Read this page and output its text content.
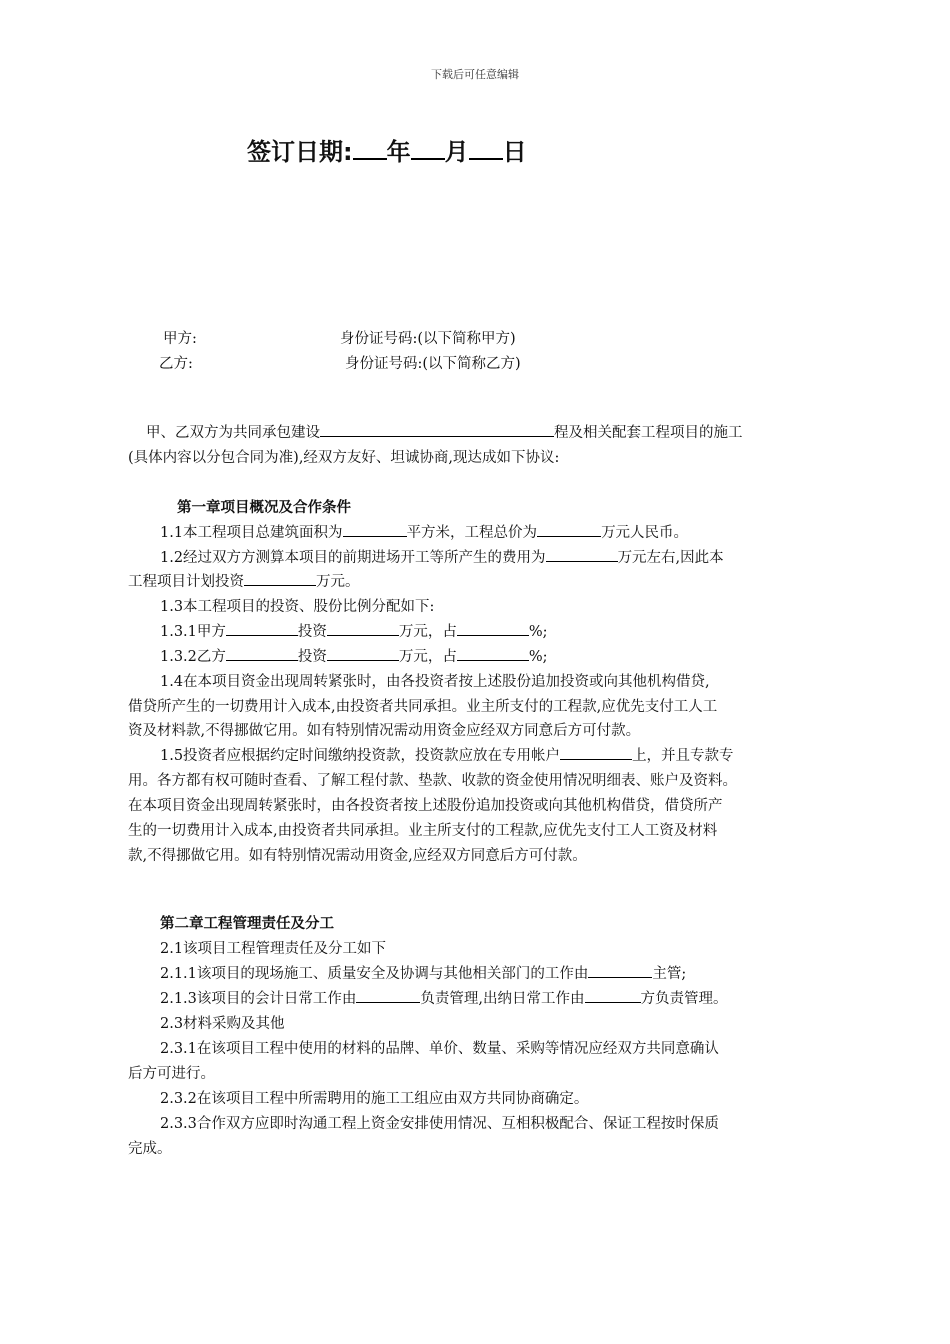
下载后可任意编辑
签订日期: 年 月 日
甲方:	身份证号码:(以下简称甲方)
乙方:	身份证号码:(以下简称乙方)
甲、乙双方为共同承包建设	程及相关配套工程项目的施工
(具体内容以分包合同为准),经双方友好、坦诚协商,现达成如下协议:
第一章项目概况及合作条件
1.1本工程项目总建筑面积为	平方米，工程总价为	万元人民币。
1.2经过双方方测算本项目的前期进场开工等所产生的费用为	万元左右,因此本
工程项目计划投资	万元。
1.3本工程项目的投资、股份比例分配如下:
1.3.1甲方	投资	万元，占	%;
1.3.2乙方	投资	万元，占	%;
1.4在本项目资金出现周转紧张时，由各投资者按上述股份追加投资或向其他机构借贷,
借贷所产生的一切费用计入成本,由投资者共同承担。业主所支付的工程款,应优先支付工人工
资及材料款,不得挪做它用。如有特别情况需动用资金应经双方同意后方可付款。
1.5投资者应根据约定时间缴纳投资款，投资款应放在专用帐户	上，并且专款专
用。各方都有权可随时查看、了解工程付款、垫款、收款的资金使用情况明细表、账户及资料。
在本项目资金出现周转紧张时，由各投资者按上述股份追加投资或向其他机构借贷，借贷所产
生的一切费用计入成本,由投资者共同承担。业主所支付的工程款,应优先支付工人工资及材料
款,不得挪做它用。如有特别情况需动用资金,应经双方同意后方可付款。
第二章工程管理责任及分工
2.1该项目工程管理责任及分工如下
2.1.1该项目的现场施工、质量安全及协调与其他相关部门的工作由	主管;
2.1.3该项目的会计日常工作由	负责管理,出纳日常工作由	方负责管理。
2.3材料采购及其他
2.3.1在该项目工程中使用的材料的品牌、单价、数量、采购等情况应经双方共同意确认
后方可进行。
2.3.2在该项目工程中所需聘用的施工工组应由双方共同协商确定。
2.3.3合作双方应即时沟通工程上资金安排使用情况、互相积极配合、保证工程按时保质
完成。
